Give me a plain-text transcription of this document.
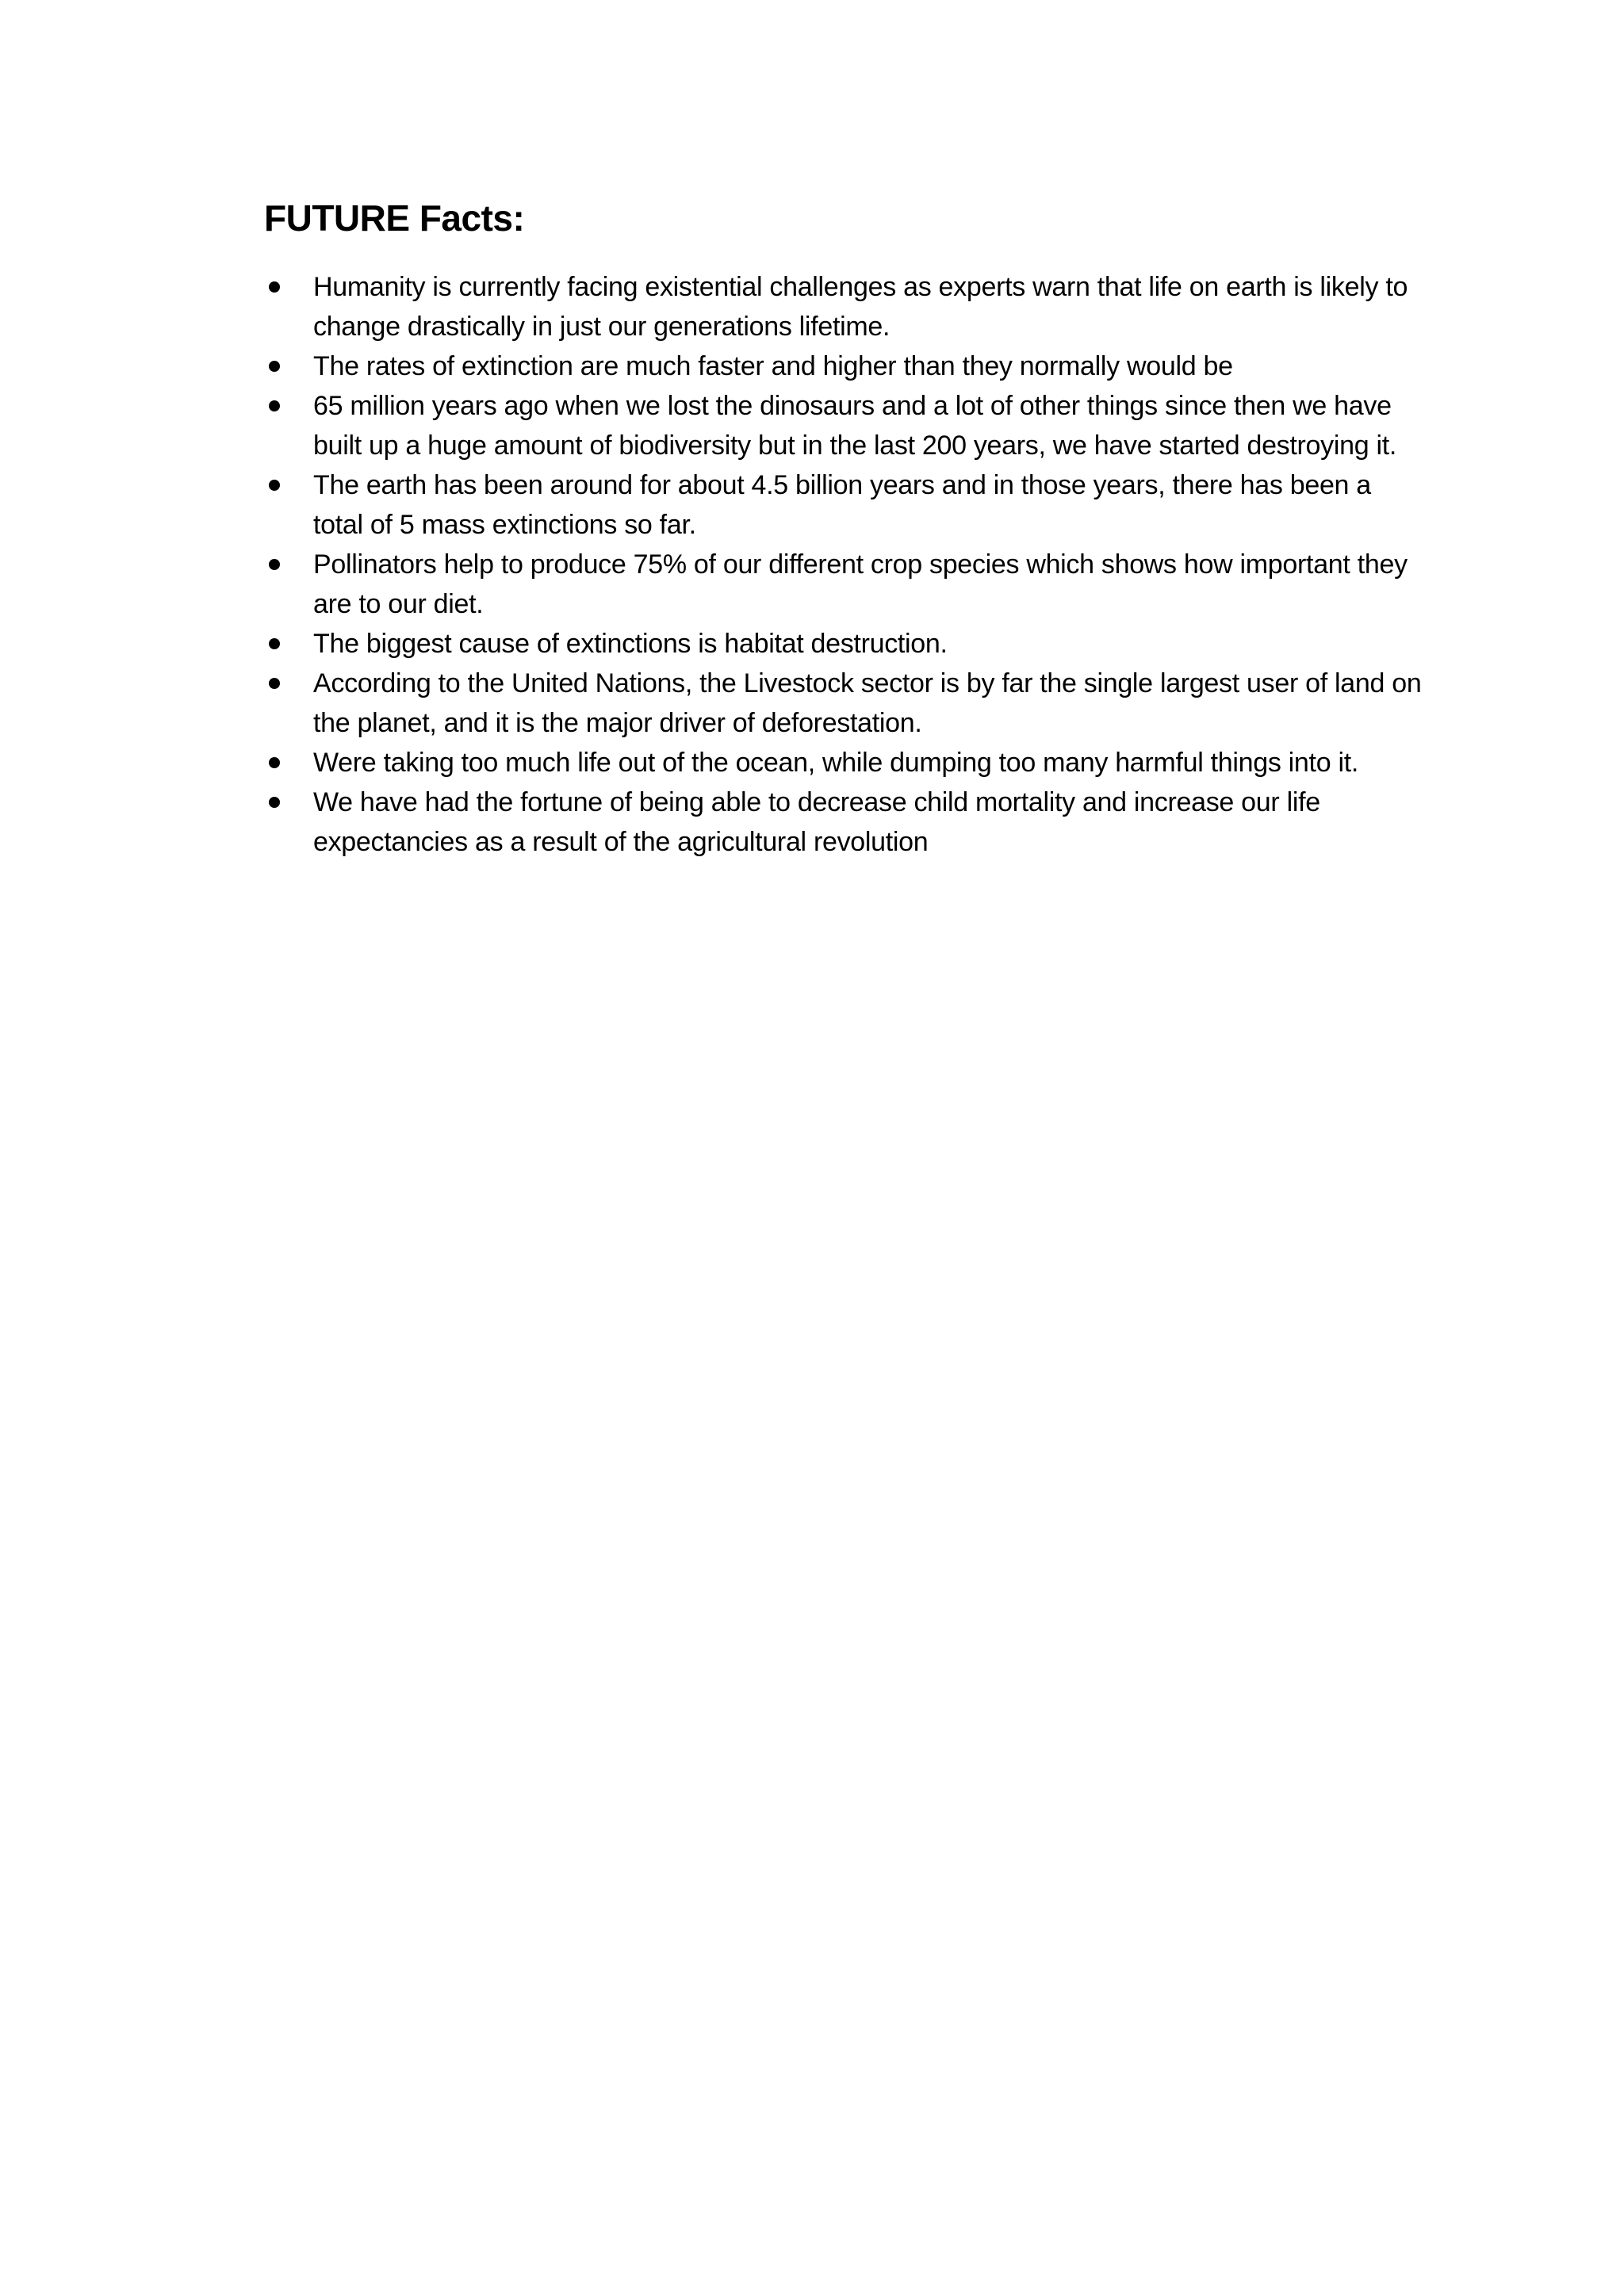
FUTURE Facts:
Humanity is currently facing existential challenges as experts warn that life on earth is likely to change drastically in just our generations lifetime.
The rates of extinction are much faster and higher than they normally would be
65 million years ago when we lost the dinosaurs and a lot of other things since then we have built up a huge amount of biodiversity but in the last 200 years, we have started destroying it.
The earth has been around for about 4.5 billion years and in those years, there has been a total of 5 mass extinctions so far.
Pollinators help to produce 75% of our different crop species which shows how important they are to our diet.
The biggest cause of extinctions is habitat destruction.
According to the United Nations, the Livestock sector is by far the single largest user of land on the planet, and it is the major driver of deforestation.
Were taking too much life out of the ocean, while dumping too many harmful things into it.
We have had the fortune of being able to decrease child mortality and increase our life expectancies as a result of the agricultural revolution
